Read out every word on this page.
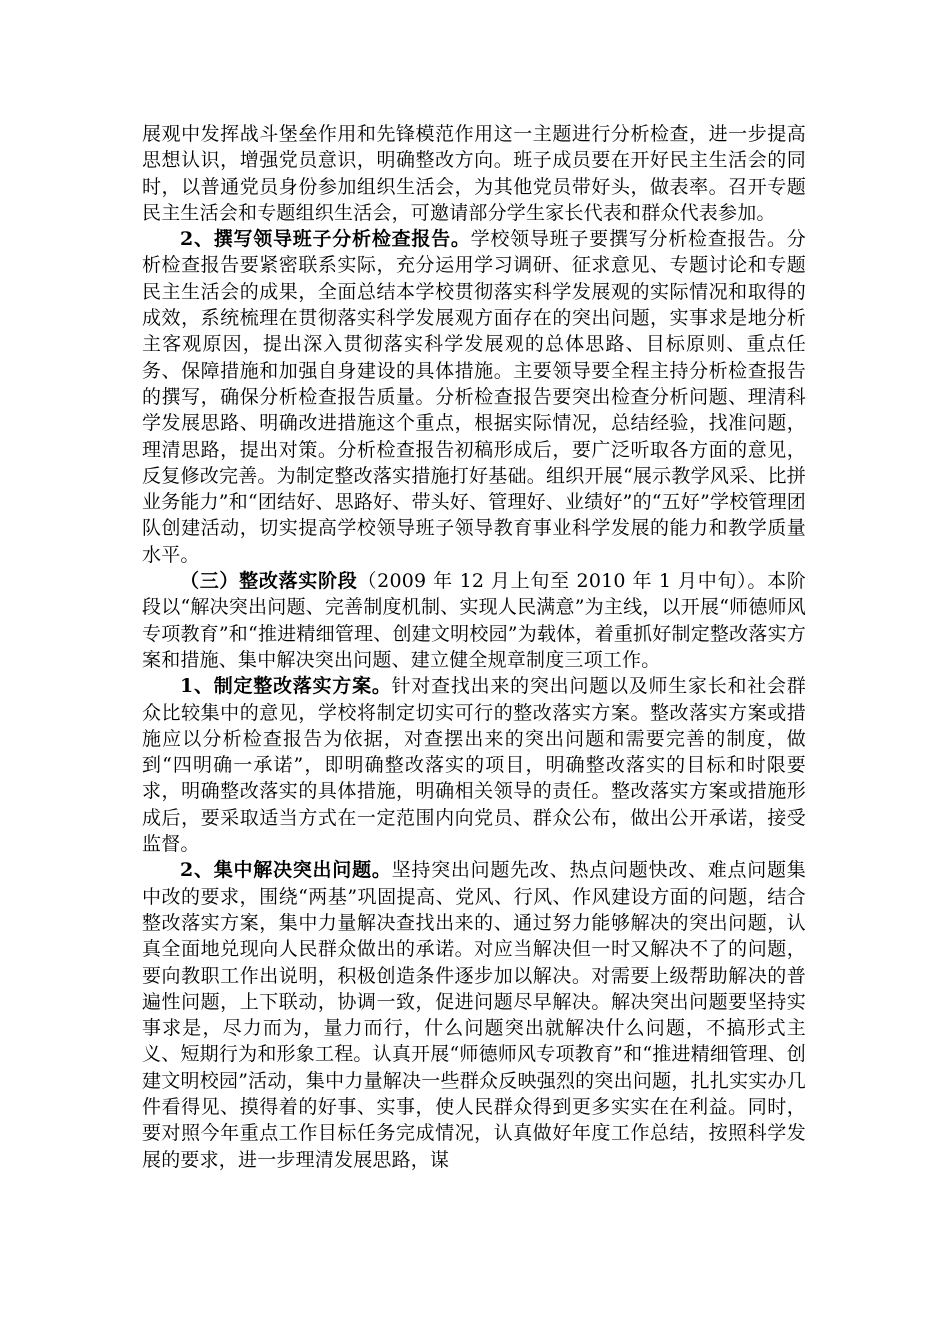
展观中发挥战斗堡垒作用和先锋模范作用这一主题进行分析检查，进一步提高思想认识，增强党员意识，明确整改方向。班子成员要在开好民主生活会的同时，以普通党员身份参加组织生活会，为其他党员带好头，做表率。召开专题民主生活会和专题组织生活会，可邀请部分学生家长代表和群众代表参加。

2、撰写领导班子分析检查报告。学校领导班子要撰写分析检查报告。分析检查报告要紧密联系实际，充分运用学习调研、征求意见、专题讨论和专题民主生活会的成果，全面总结本学校贯彻落实科学发展观的实际情况和取得的成效，系统梳理在贯彻落实科学发展观方面存在的突出问题，实事求是地分析主客观原因，提出深入贯彻落实科学发展观的总体思路、目标原则、重点任务、保障措施和加强自身建设的具体措施。主要领导要全程主持分析检查报告的撰写，确保分析检查报告质量。分析检查报告要突出检查分析问题、理清科学发展思路、明确改进措施这个重点，根据实际情况，总结经验，找准问题，理清思路，提出对策。分析检查报告初稿形成后，要广泛听取各方面的意见，反复修改完善。为制定整改落实措施打好基础。组织开展“展示教学风采、比拼业务能力”和“团结好、思路好、带头好、管理好、业绩好”的“五好”学校管理团队创建活动，切实提高学校领导班子领导教育事业科学发展的能力和教学质量水平。

（三）整改落实阶段（2009 年 12 月上旬至 2010 年 1 月中旬）。本阶段以“解决突出问题、完善制度机制、实现人民满意”为主线，以开展“师德师风专项教育”和“推进精细管理、创建文明校园”为载体，着重抓好制定整改落实方案和措施、集中解决突出问题、建立健全规章制度三项工作。

1、制定整改落实方案。针对查找出来的突出问题以及师生家长和社会群众比较集中的意见，学校将制定切实可行的整改落实方案。整改落实方案或措施应以分析检查报告为依据，对查摆出来的突出问题和需要完善的制度，做到“四明确一承诺”，即明确整改落实的项目，明确整改落实的目标和时限要求，明确整改落实的具体措施，明确相关领导的责任。整改落实方案或措施形成后，要采取适当方式在一定范围内向党员、群众公布，做出公开承诺，接受监督。

2、集中解决突出问题。坚持突出问题先改、热点问题快改、难点问题集中改的要求，围绕“两基”巩固提高、党风、行风、作风建设方面的问题，结合整改落实方案，集中力量解决查找出来的、通过努力能够解决的突出问题，认真全面地兑现向人民群众做出的承诺。对应当解决但一时又解决不了的问题，要向教职工作出说明，积极创造条件逐步加以解决。对需要上级帮助解决的普遍性问题，上下联动，协调一致，促进问题尽早解决。解决突出问题要坚持实事求是，尽力而为，量力而行，什么问题突出就解决什么问题，不搞形式主义、短期行为和形象工程。认真开展“师德师风专项教育”和“推进精细管理、创建文明校园”活动，集中力量解决一些群众反映强烈的突出问题，扎扎实实办几件看得见、摸得着的好事、实事，使人民群众得到更多实实在在利益。同时，要对照今年重点工作目标任务完成情况，认真做好年度工作总结，按照科学发展的要求，进一步理清发展思路，谋
